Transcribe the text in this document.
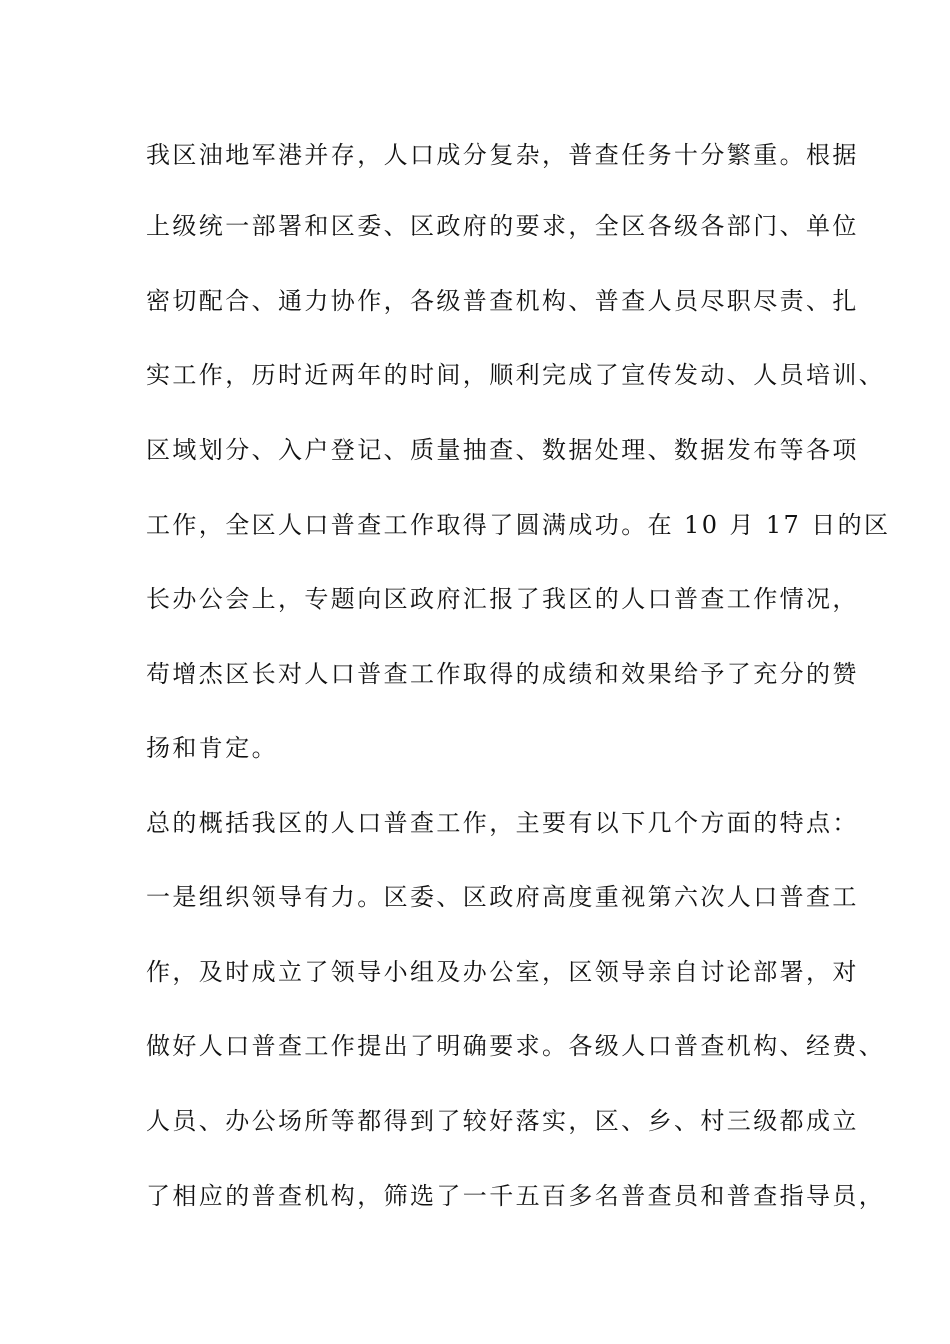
我区油地军港并存，人口成分复杂，普查任务十分繁重。根据
上级统一部署和区委、区政府的要求，全区各级各部门、单位
密切配合、通力协作，各级普查机构、普查人员尽职尽责、扎
实工作，历时近两年的时间，顺利完成了宣传发动、人员培训、
区域划分、入户登记、质量抽查、数据处理、数据发布等各项
工作，全区人口普查工作取得了圆满成功。在 10 月 17 日的区
长办公会上，专题向区政府汇报了我区的人口普查工作情况，
苟增杰区长对人口普查工作取得的成绩和效果给予了充分的赞
扬和肯定。
总的概括我区的人口普查工作，主要有以下几个方面的特点：
一是组织领导有力。区委、区政府高度重视第六次人口普查工
作，及时成立了领导小组及办公室，区领导亲自讨论部署，对
做好人口普查工作提出了明确要求。各级人口普查机构、经费、
人员、办公场所等都得到了较好落实，区、乡、村三级都成立
了相应的普查机构，筛选了一千五百多名普查员和普查指导员，
